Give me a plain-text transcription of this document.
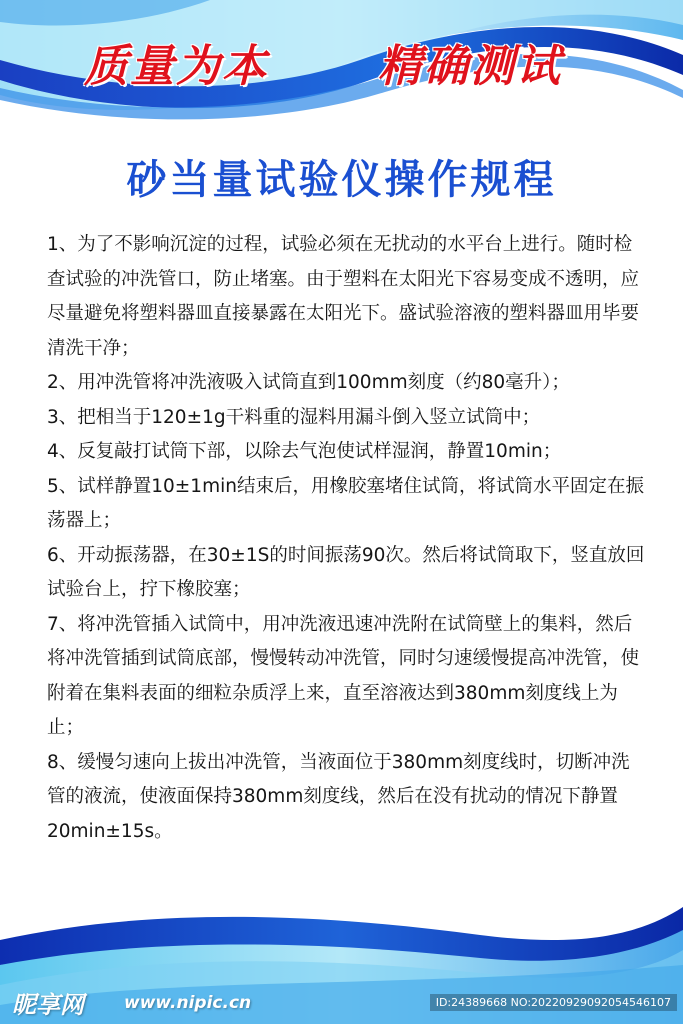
质量为本	精确测试
砂当量试验仪操作规程

1、为了不影响沉淀的过程，试验必须在无扰动的水平台上进行。随时检查试验的冲洗管口，防止堵塞。由于塑料在太阳光下容易变成不透明，应尽量避免将塑料器皿直接暴露在太阳光下。盛试验溶液的塑料器皿用毕要清洗干净；

2、用冲洗管将冲洗液吸入试筒直到100mm刻度（约80毫升）；

3、把相当于120±1g干料重的湿料用漏斗倒入竖立试筒中；

4、反复敲打试筒下部，以除去气泡使试样湿润，静置10min；

5、试样静置10±1min结束后，用橡胶塞堵住试筒，将试筒水平固定在振荡器上；

6、开动振荡器，在30±1S的时间振荡90次。然后将试筒取下，竖直放回试验台上，拧下橡胶塞；

7、将冲洗管插入试筒中，用冲洗液迅速冲洗附在试筒壁上的集料，然后将冲洗管插到试筒底部，慢慢转动冲洗管，同时匀速缓慢提高冲洗管，使附着在集料表面的细粒杂质浮上来，直至溶液达到380mm刻度线上为止；

8、缓慢匀速向上拔出冲洗管，当液面位于380mm刻度线时，切断冲洗管的液流，使液面保持380mm刻度线，然后在没有扰动的情况下静置20min±15s。

昵享网 www.nipic.cn	ID:24389668 NO:20220929092054546107
